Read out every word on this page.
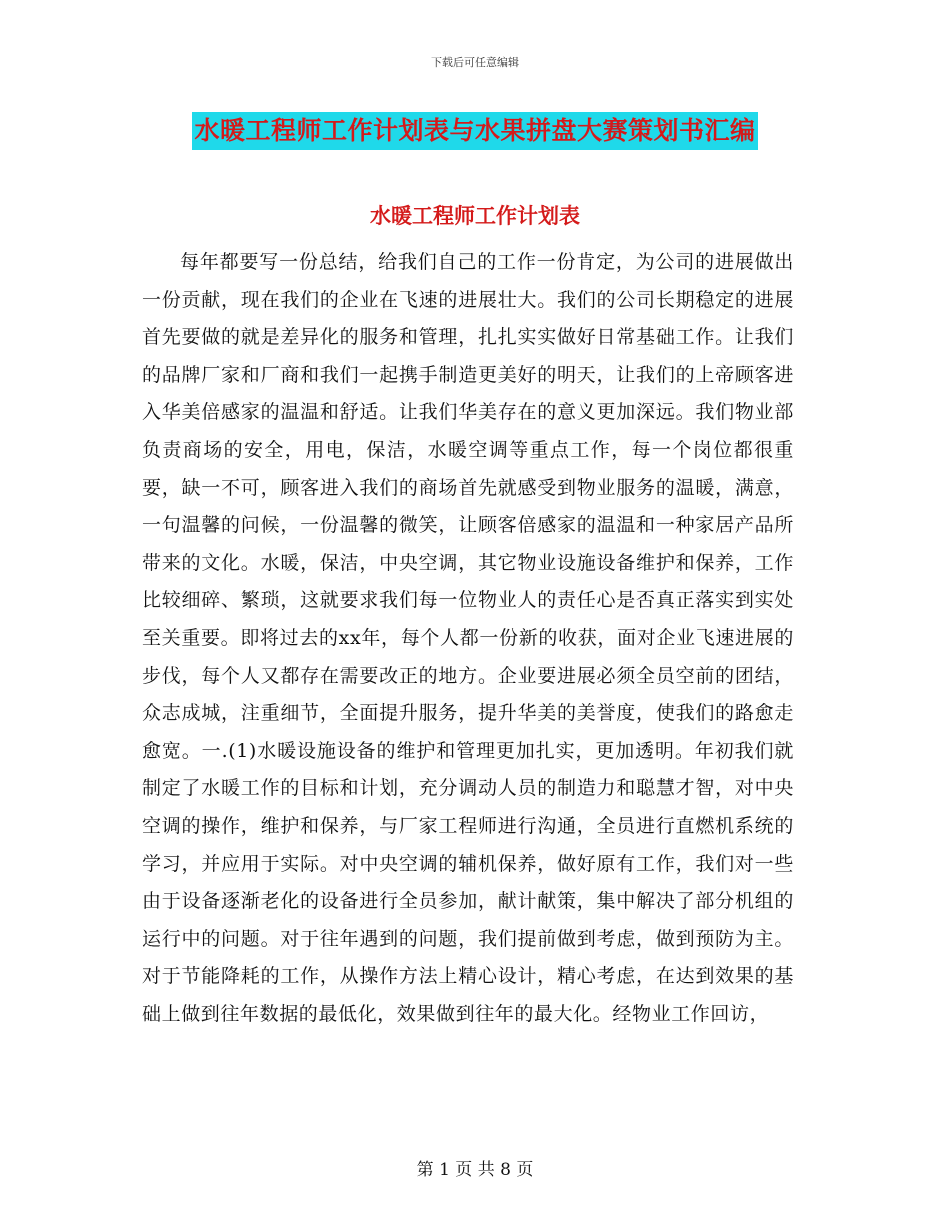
下载后可任意编辑
水暖工程师工作计划表与水果拼盘大赛策划书汇编
水暖工程师工作计划表

每年都要写一份总结，给我们自己的工作一份肯定，为公司的进展做出一份贡献，现在我们的企业在飞速的进展壮大。我们的公司长期稳定的进展首先要做的就是差异化的服务和管理，扎扎实实做好日常基础工作。让我们的品牌厂家和厂商和我们一起携手制造更美好的明天，让我们的上帝顾客进入华美倍感家的温温和舒适。让我们华美存在的意义更加深远。我们物业部负责商场的安全，用电，保洁，水暖空调等重点工作，每一个岗位都很重要，缺一不可，顾客进入我们的商场首先就感受到物业服务的温暖，满意，一句温馨的问候，一份温馨的微笑，让顾客倍感家的温温和一种家居产品所带来的文化。水暖，保洁，中央空调，其它物业设施设备维护和保养，工作比较细碎、繁琐，这就要求我们每一位物业人的责任心是否真正落实到实处至关重要。即将过去的xx年，每个人都一份新的收获，面对企业飞速进展的步伐，每个人又都存在需要改正的地方。企业要进展必须全员空前的团结，众志成城，注重细节，全面提升服务，提升华美的美誉度，使我们的路愈走愈宽。一.(1)水暖设施设备的维护和管理更加扎实，更加透明。年初我们就制定了水暖工作的目标和计划，充分调动人员的制造力和聪慧才智，对中央空调的操作，维护和保养，与厂家工程师进行沟通，全员进行直燃机系统的学习，并应用于实际。对中央空调的辅机保养，做好原有工作，我们对一些由于设备逐渐老化的设备进行全员参加，献计献策，集中解决了部分机组的运行中的问题。对于往年遇到的问题，我们提前做到考虑，做到预防为主。对于节能降耗的工作，从操作方法上精心设计，精心考虑，在达到效果的基础上做到往年数据的最低化，效果做到往年的最大化。经物业工作回访，

第 1 页 共 8 页
